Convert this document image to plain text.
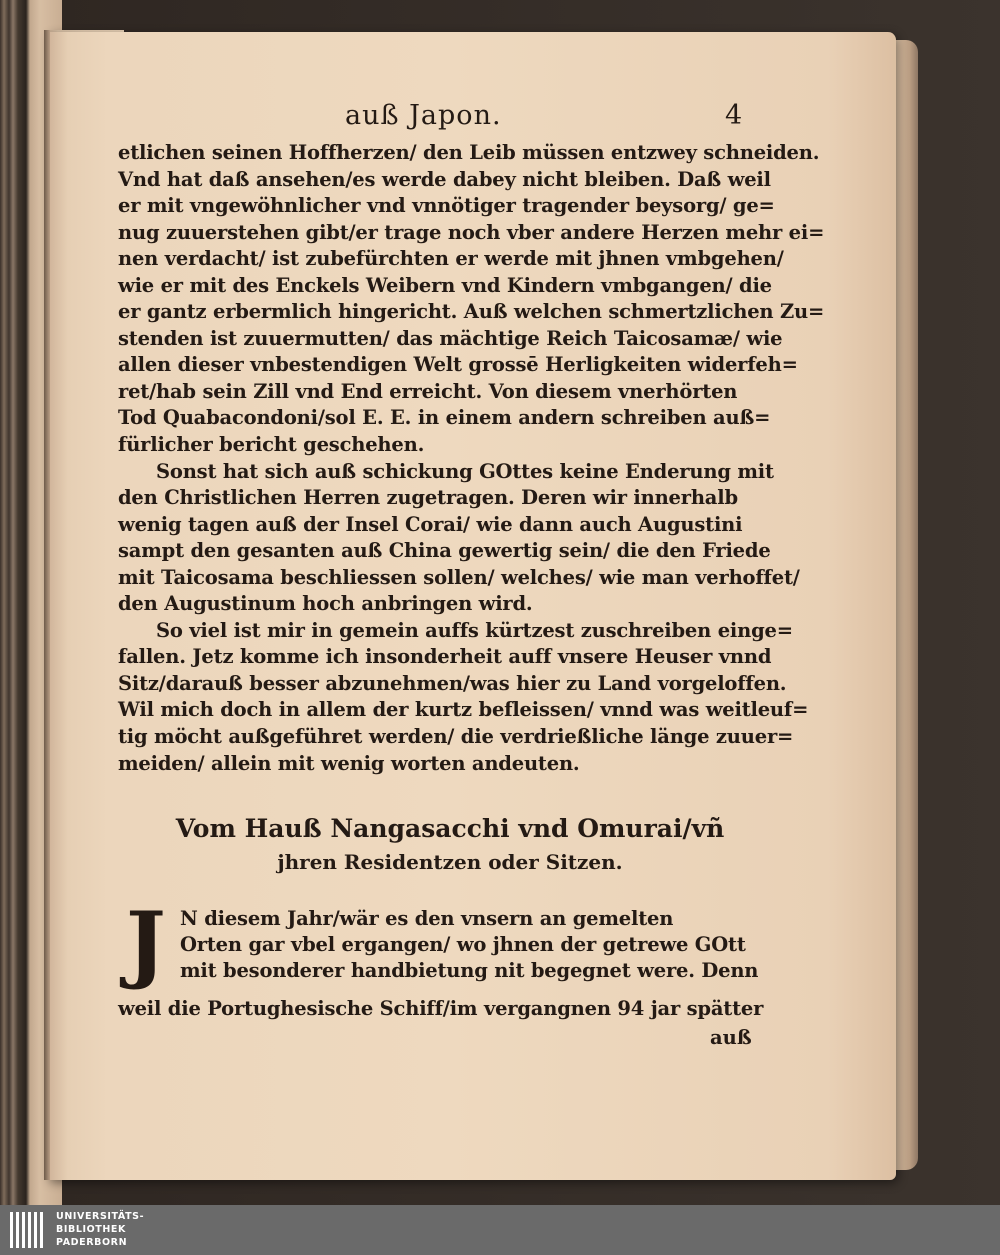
auß Japon.	4
etlichen seinen Hoffherzen/ den Leib müssen entzwey schneiden.
Vnd hat daß ansehen/es werde dabey nicht bleiben. Daß weil
er mit vngewöhnlicher vnd vnnötiger tragender beysorg/ ge=
nug zuuerstehen gibt/er trage noch vber andere Herzen mehr ei=
nen verdacht/ ist zubefürchten er werde mit jhnen vmbgehen/
wie er mit des Enckels Weibern vnd Kindern vmbgangen/ die
er gantz erbermlich hingericht. Auß welchen schmertzlichen Zu=
stenden ist zuuermutten/ das mächtige Reich Taicosamæ/ wie
allen dieser vnbestendigen Welt grossē Herligkeiten widerfeh=
ret/hab sein Zill vnd End erreicht. Von diesem vnerhörten
Tod Quabacondoni/sol E. E. in einem andern schreiben auß=
fürlicher bericht geschehen.
Sonst hat sich auß schickung GOttes keine Enderung mit
den Christlichen Herren zugetragen. Deren wir innerhalb
wenig tagen auß der Insel Corai/ wie dann auch Augustini
sampt den gesanten auß China gewertig sein/ die den Friede
mit Taicosama beschliessen sollen/ welches/ wie man verhoffet/
den Augustinum hoch anbringen wird.
So viel ist mir in gemein auffs kürtzest zuschreiben einge=
fallen. Jetz komme ich insonderheit auff vnsere Heuser vnnd
Sitz/darauß besser abzunehmen/was hier zu Land vorgeloffen.
Wil mich doch in allem der kurtz befleissen/ vnnd was weitleuf=
tig möcht außgeführet werden/ die verdrießliche länge zuuer=
meiden/ allein mit wenig worten andeuten.
Vom Hauß Nangasacchi vnd Omurai/vñ
jhren Residentzen oder Sitzen.
J N diesem Jahr/wär es den vnsern an gemelten
Orten gar vbel ergangen/ wo jhnen der getrewe GOtt
mit besonderer handbietung nit begegnet were. Denn
weil die Portughesische Schiff/im vergangnen 94 jar spätter
auß
UNIVERSITÄTS-
BIBLIOTHEK
PADERBORN
